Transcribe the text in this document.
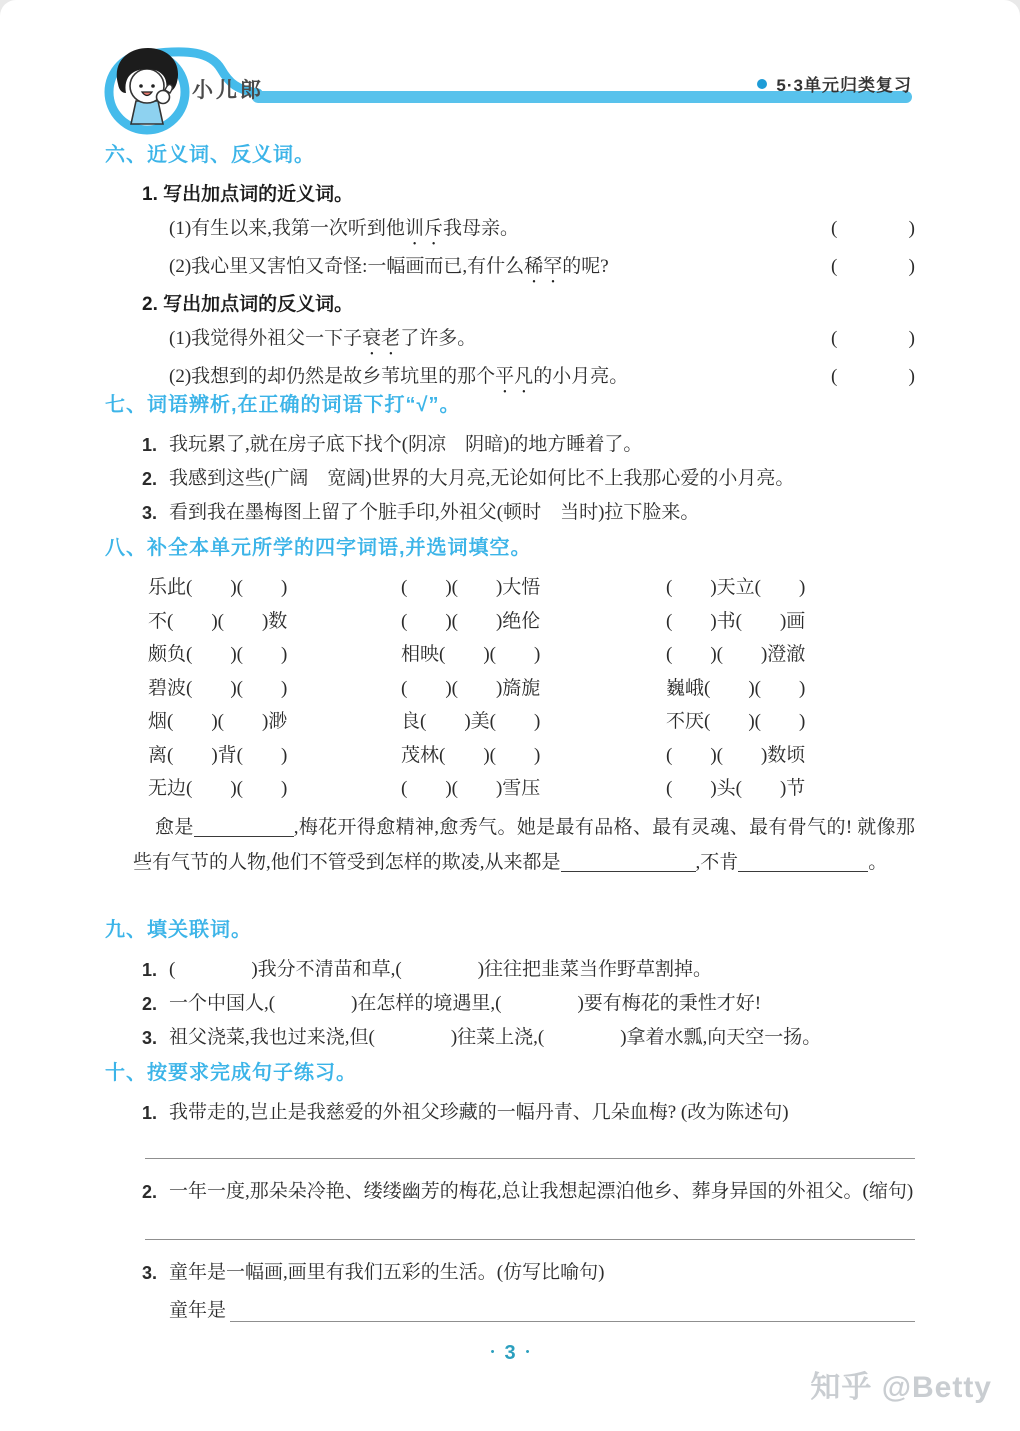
小儿郎	5·3单元归类复习
六、近义词、反义词。
1. 写出加点词的近义词。
(1)有生以来,我第一次听到他训斥我母亲。	(	)
(2)我心里又害怕又奇怪:一幅画而已,有什么稀罕的呢?	(	)
2. 写出加点词的反义词。
(1)我觉得外祖父一下子衰老了许多。	(	)
(2)我想到的却仍然是故乡苇坑里的那个平凡的小月亮。	(	)
七、词语辨析,在正确的词语下打“√”。
1. 我玩累了,就在房子底下找个(阴凉　阴暗)的地方睡着了。
2. 我感到这些(广阔　宽阔)世界的大月亮,无论如何比不上我那心爱的小月亮。
3. 看到我在墨梅图上留了个脏手印,外祖父(顿时　当时)拉下脸来。
八、补全本单元所学的四字词语,并选词填空。
乐此(　　)(　　)	(　　)(　　)大悟	(　　)天立(　　)
不(　　)(　　)数	(　　)(　　)绝伦	(　　)书(　　)画
颇负(　　)(　　)	相映(　　)(　　)	(　　)(　　)澄澈
碧波(　　)(　　)	(　　)(　　)旖旎	巍峨(　　)(　　)
烟(　　)(　　)渺	良(　　)美(　　)	不厌(　　)(　　)
离(　　)背(　　)	茂林(　　)(　　)	(　　)(　　)数顷
无边(　　)(　　)	(　　)(　　)雪压	(　　)头(　　)节

愈是	,梅花开得愈精神,愈秀气。她是最有品格、最有灵魂、最有骨气的! 就像那些有气节的人物,他们不管受到怎样的欺凌,从来都是	,不肯	。

九、填关联词。
1. (　　　　)我分不清苗和草,(　　　　)往往把韭菜当作野草割掉。
2. 一个中国人,(　　　　)在怎样的境遇里,(　　　　)要有梅花的秉性才好!
3. 祖父浇菜,我也过来浇,但(　　　　)往菜上浇,(　　　　)拿着水瓢,向天空一扬。
十、按要求完成句子练习。
1. 我带走的,岂止是我慈爱的外祖父珍藏的一幅丹青、几朵血梅? (改为陈述句)
2. 一年一度,那朵朵冷艳、缕缕幽芳的梅花,总让我想起漂泊他乡、葬身异国的外祖父。(缩句)
3. 童年是一幅画,画里有我们五彩的生活。(仿写比喻句)
童年是
• 3 •
知乎 @Betty
